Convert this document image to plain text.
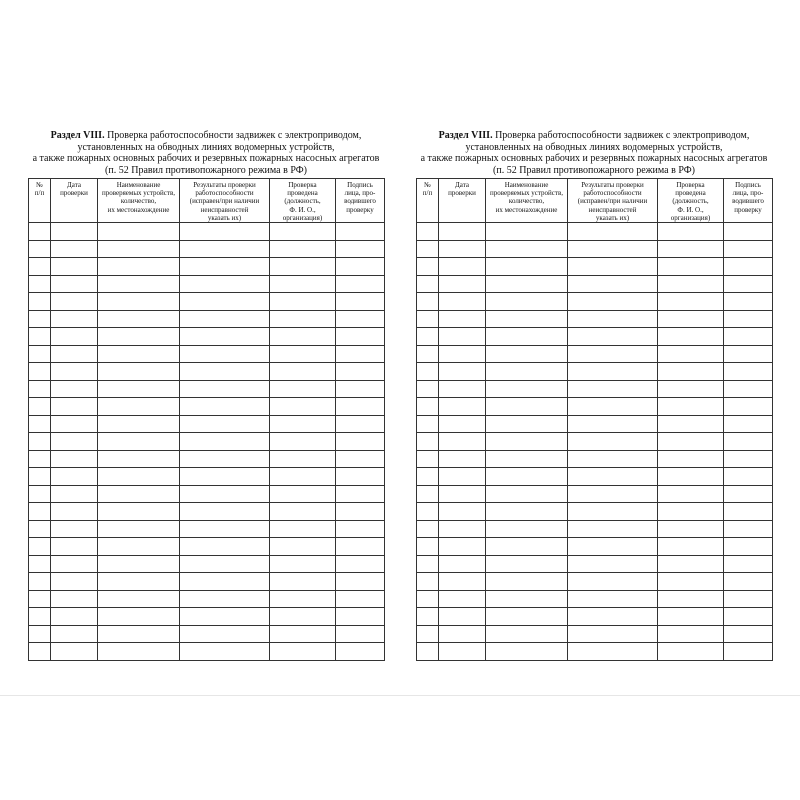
Раздел VIII. Проверка работоспособности задвижек с электроприводом,
установленных на обводных линиях водомерных устройств,
а также пожарных основных рабочих и резервных пожарных насосных агрегатов
(п. 52 Правил противопожарного режима в РФ)
№
п/п	Дата
проверки	Наименование
проверяемых устройств,
количество,
их местонахождение	Результаты проверки
работоспособности
(исправен/при наличии
неисправностей
указать их)	Проверка
проведена
(должность,
Ф. И. О.,
организация)	Подпись
лица, про-
водившего
проверку

Раздел VIII. Проверка работоспособности задвижек с электроприводом,
установленных на обводных линиях водомерных устройств,
а также пожарных основных рабочих и резервных пожарных насосных агрегатов
(п. 52 Правил противопожарного режима в РФ)
№
п/п	Дата
проверки	Наименование
проверяемых устройств,
количество,
их местонахождение	Результаты проверки
работоспособности
(исправен/при наличии
неисправностей
указать их)	Проверка
проведена
(должность,
Ф. И. О.,
организация)	Подпись
лица, про-
водившего
проверку
